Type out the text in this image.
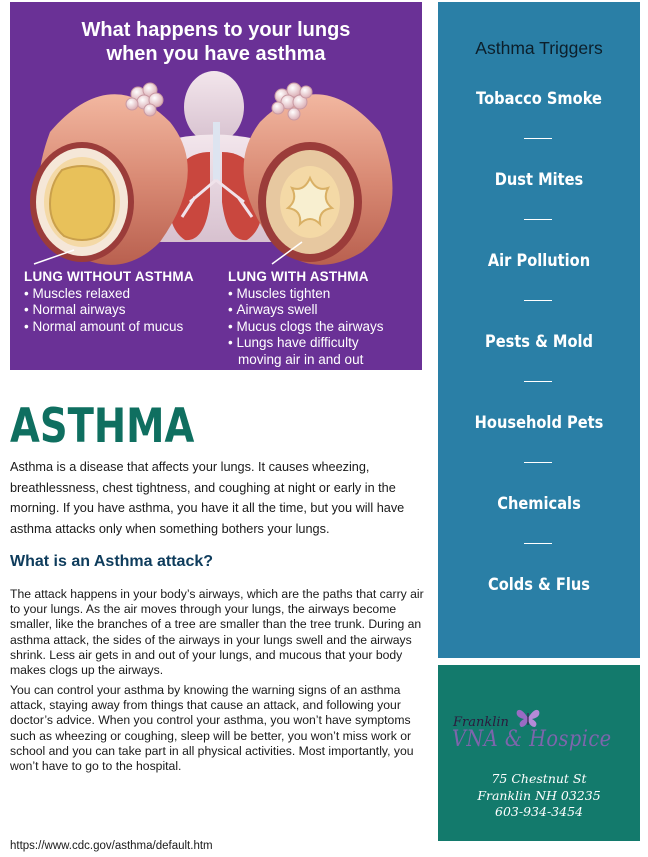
What happens to your lungs
when you have asthma
LUNG WITHOUT ASTHMA
• Muscles relaxed
• Normal airways
• Normal amount of mucus
LUNG WITH ASTHMA
• Muscles tighten
• Airways swell
• Mucus clogs the airways
• Lungs have difficulty
moving air in and out
ASTHMA

Asthma is a disease that affects your lungs. It causes wheezing, breathlessness, chest tightness, and coughing at night or early in the morning. If you have asthma, you have it all the time, but you will have asthma attacks only when something bothers your lungs.

What is an Asthma attack?

The attack happens in your body’s airways, which are the paths that carry air to your lungs. As the air moves through your lungs, the airways become smaller, like the branches of a tree are smaller than the tree trunk. During an asthma attack, the sides of the airways in your lungs swell and the airways shrink. Less air gets in and out of your lungs, and mucous that your body makes clogs up the airways.

You can control your asthma by knowing the warning signs of an asthma attack, staying away from things that cause an attack, and following your doctor’s advice. When you control your asthma, you won’t have symptoms such as wheezing or coughing, sleep will be better, you won’t miss work or school and you can take part in all physical activities. Most importantly, you won’t have to go to the hospital.

https://www.cdc.gov/asthma/default.htm
Asthma Triggers
Tobacco Smoke
Dust Mites
Air Pollution
Pests & Mold
Household Pets
Chemicals
Colds & Flus
Franklin
VNA & Hospice
75 Chestnut St
Franklin NH 03235
603-934-3454
